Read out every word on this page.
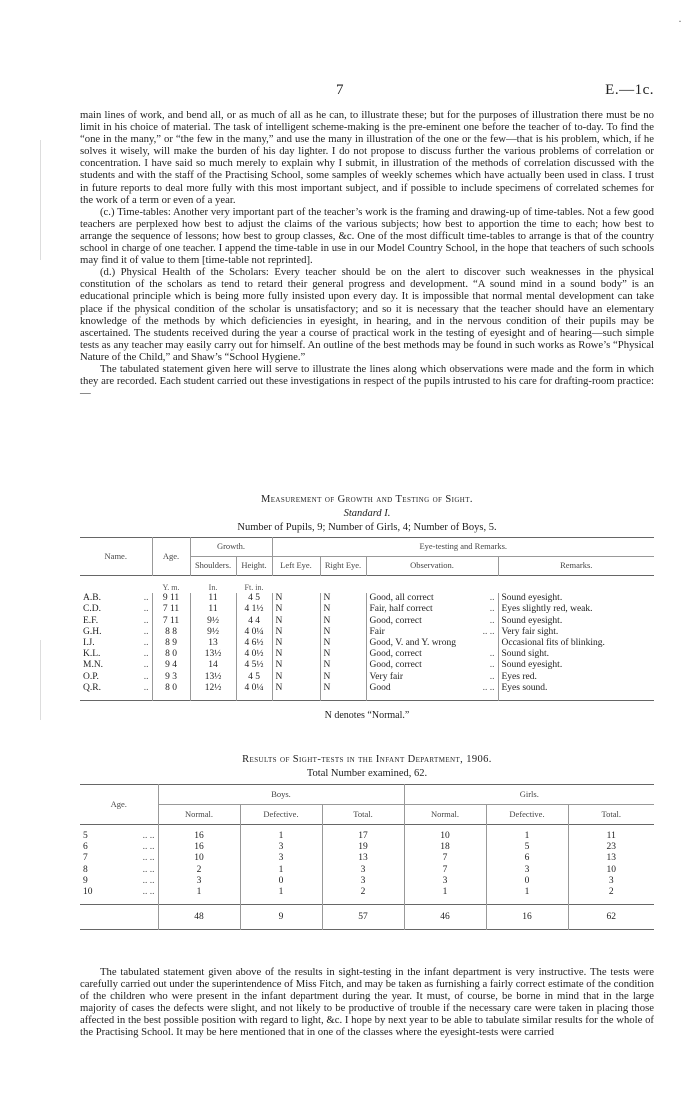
·
7	E.—1c.

main lines of work, and bend all, or as much of all as he can, to illustrate these; but for the purposes of illustration there must be no limit in his choice of material. The task of intelligent scheme-making is the pre-eminent one before the teacher of to-day. To find the “one in the many,” or “the few in the many,” and use the many in illustration of the one or the few—that is his problem, which, if he solves it wisely, will make the burden of his day lighter. I do not propose to discuss further the various problems of correlation or concentration. I have said so much merely to explain why I submit, in illustration of the methods of correlation discussed with the students and with the staff of the Practising School, some samples of weekly schemes which have actually been used in class. I trust in future reports to deal more fully with this most important subject, and if possible to include specimens of correlated schemes for the work of a term or even of a year.

(c.) Time-tables: Another very important part of the teacher’s work is the framing and drawing-up of time-tables. Not a few good teachers are perplexed how best to adjust the claims of the various subjects; how best to apportion the time to each; how best to arrange the sequence of lessons; how best to group classes, &c. One of the most difficult time-tables to arrange is that of the country school in charge of one teacher. I append the time-table in use in our Model Country School, in the hope that teachers of such schools may find it of value to them [time-table not reprinted].

(d.) Physical Health of the Scholars: Every teacher should be on the alert to discover such weaknesses in the physical constitution of the scholars as tend to retard their general progress and development. “A sound mind in a sound body” is an educational principle which is being more fully insisted upon every day. It is impossible that normal mental development can take place if the physical condition of the scholar is unsatisfactory; and so it is necessary that the teacher should have an elementary knowledge of the methods by which deficiencies in eyesight, in hearing, and in the nervous condition of their pupils may be ascertained. The students received during the year a course of practical work in the testing of eyesight and of hearing—such simple tests as any teacher may easily carry out for himself. An outline of the best methods may be found in such works as Rowe’s “Physical Nature of the Child,” and Shaw’s “School Hygiene.”

The tabulated statement given here will serve to illustrate the lines along which observations were made and the form in which they are recorded. Each student carried out these investigations in respect of the pupils intrusted to his care for drafting-room practice:—

Measurement of Growth and Testing of Sight.

Standard I.

Number of Pupils, 9; Number of Girls, 4; Number of Boys, 5.

Name.	Age.	Growth.		Eye-testing and Remarks.			
		Shoulders.	Height.	Left Eye.	Right Eye.	Observation.	Remarks.

	Y. m.	In.	Ft. in.				
A.B. ..	9 11	11	4 5	N	N	Good, all correct ..	Sound eyesight.
C.D. ..	7 11	11	4 1½	N	N	Fair, half correct ..	Eyes slightly red, weak.
E.F. ..	7 11	9½	4 4	N	N	Good, correct ..	Sound eyesight.
G.H. ..	8 8	9½	4 0¼	N	N	Fair .. ..	Very fair sight.
I.J. ..	8 9	13	4 6½	N	N	Good, V. and Y. wrong	Occasional fits of blinking.
K.L. ..	8 0	13½	4 0½	N	N	Good, correct ..	Sound sight.
M.N. ..	9 4	14	4 5½	N	N	Good, correct ..	Sound eyesight.
O.P. ..	9 3	13½	4 5	N	N	Very fair ..	Eyes red.
Q.R. ..	8 0	12½	4 0¼	N	N	Good .. ..	Eyes sound.

N denotes “Normal.”

Results of Sight-tests in the Infant Department, 1906.

Total Number examined, 62.

Age.	Boys.			Girls.		
	Normal.	Defective.	Total.	Normal.	Defective.	Total.

5 .. ..	16	1	17	10	1	11
6 .. ..	16	3	19	18	5	23
7 .. ..	10	3	13	7	6	13
8 .. ..	2	1	3	7	3	10
9 .. ..	3	0	3	3	0	3
10 .. ..	1	1	2	1	1	2

	48	9	57	46	16	62

The tabulated statement given above of the results in sight-testing in the infant department is very instructive. The tests were carefully carried out under the superintendence of Miss Fitch, and may be taken as furnishing a fairly correct estimate of the condition of the children who were present in the infant department during the year. It must, of course, be borne in mind that in the large majority of cases the defects were slight, and not likely to be productive of trouble if the necessary care were taken in placing those affected in the best possible position with regard to light, &c. I hope by next year to be able to tabulate similar results for the whole of the Practising School. It may be here mentioned that in one of the classes where the eyesight-tests were carried
